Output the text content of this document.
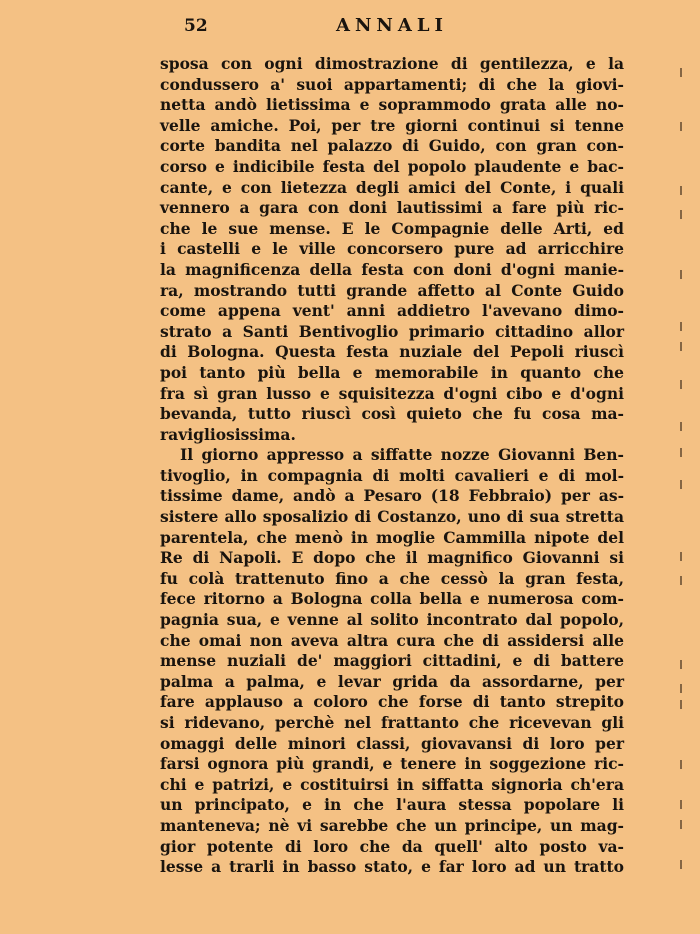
52	ANNALI
sposa con ogni dimostrazione di gentilezza, e la
condussero a' suoi appartamenti; di che la giovi-
netta andò lietissima e soprammodo grata alle no-
velle amiche. Poi, per tre giorni continui si tenne
corte bandita nel palazzo di Guido, con gran con-
corso e indicibile festa del popolo plaudente e bac-
cante, e con lietezza degli amici del Conte, i quali
vennero a gara con doni lautissimi a fare più ric-
che le sue mense. E le Compagnie delle Arti, ed
i castelli e le ville concorsero pure ad arricchire
la magnificenza della festa con doni d'ogni manie-
ra, mostrando tutti grande affetto al Conte Guido
come appena vent' anni addietro l'avevano dimo-
strato a Santi Bentivoglio primario cittadino allor
di Bologna. Questa festa nuziale del Pepoli riuscì
poi tanto più bella e memorabile in quanto che
fra sì gran lusso e squisitezza d'ogni cibo e d'ogni
bevanda, tutto riuscì così quieto che fu cosa ma-
ravigliosissima.
Il giorno appresso a siffatte nozze Giovanni Ben-
tivoglio, in compagnia di molti cavalieri e di mol-
tissime dame, andò a Pesaro (18 Febbraio) per as-
sistere allo sposalizio di Costanzo, uno di sua stretta
parentela, che menò in moglie Cammilla nipote del
Re di Napoli. E dopo che il magnifico Giovanni si
fu colà trattenuto fino a che cessò la gran festa,
fece ritorno a Bologna colla bella e numerosa com-
pagnia sua, e venne al solito incontrato dal popolo,
che omai non aveva altra cura che di assidersi alle
mense nuziali de' maggiori cittadini, e di battere
palma a palma, e levar grida da assordarne, per
fare applauso a coloro che forse di tanto strepito
si ridevano, perchè nel frattanto che ricevevan gli
omaggi delle minori classi, giovavansi di loro per
farsi ognora più grandi, e tenere in soggezione ric-
chi e patrizi, e costituirsi in siffatta signoria ch'era
un principato, e in che l'aura stessa popolare li
manteneva; nè vi sarebbe che un principe, un mag-
gior potente di loro che da quell' alto posto va-
lesse a trarli in basso stato, e far loro ad un tratto
